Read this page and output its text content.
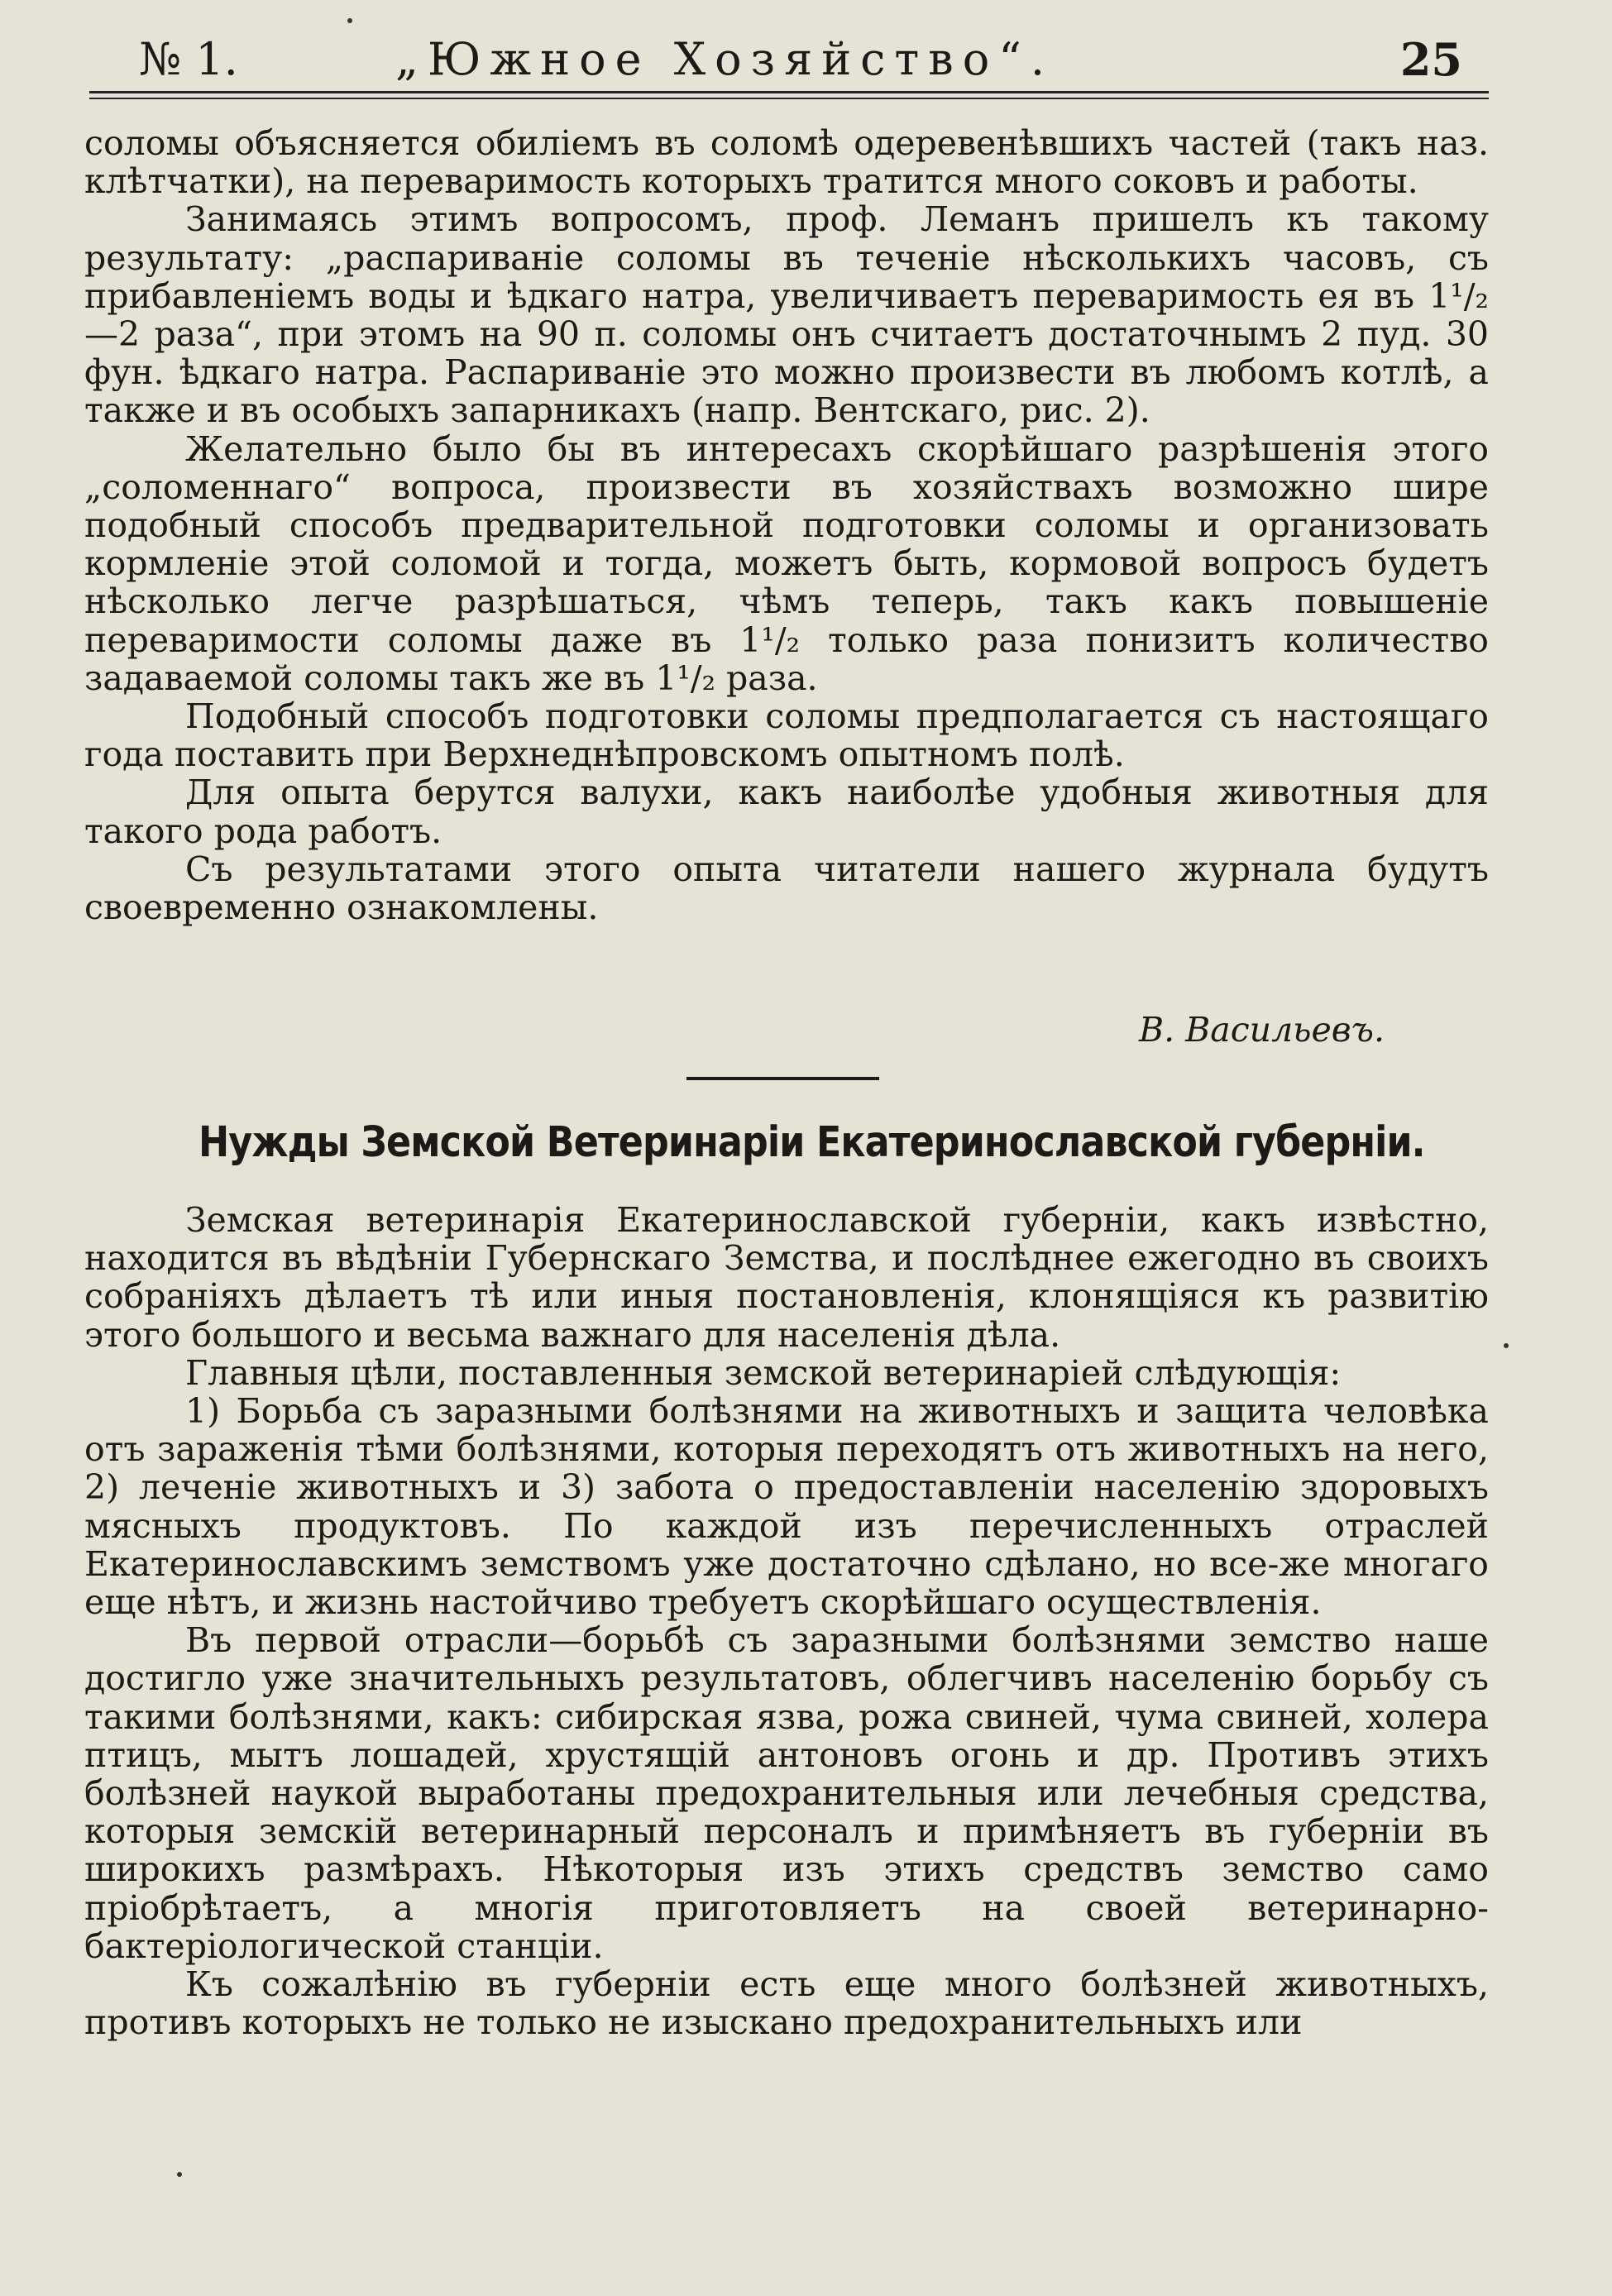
№ 1.	„Южное Хозяйство“.	25

соломы объясняется обиліемъ въ соломѣ одеревенѣвшихъ частей (такъ наз. клѣтчатки), на переваримость которыхъ тратится много соковъ и работы.

Занимаясь этимъ вопросомъ, проф. Леманъ пришелъ къ такому результату: „распариваніе соломы въ теченіе нѣсколькихъ часовъ, съ прибавленіемъ воды и ѣдкаго натра, увеличиваетъ переваримость ея въ 1¹/₂—2 раза“, при этомъ на 90 п. соломы онъ считаетъ достаточнымъ 2 пуд. 30 фун. ѣдкаго натра. Распариваніе это можно произвести въ любомъ котлѣ, а также и въ особыхъ запарникахъ (напр. Вентскаго, рис. 2).

Желательно было бы въ интересахъ скорѣйшаго разрѣшенія этого „соломеннаго“ вопроса, произвести въ хозяйствахъ возможно шире подобный способъ предварительной подготовки соломы и организовать кормленіе этой соломой и тогда, можетъ быть, кормовой вопросъ будетъ нѣсколько легче разрѣшаться, чѣмъ теперь, такъ какъ повышеніе переваримости соломы даже въ 1¹/₂ только раза понизитъ количество задаваемой соломы такъ же въ 1¹/₂ раза.

Подобный способъ подготовки соломы предполагается съ настоящаго года поставить при Верхнеднѣпровскомъ опытномъ полѣ.

Для опыта берутся валухи, какъ наиболѣе удобныя животныя для такого рода работъ.

Съ результатами этого опыта читатели нашего журнала будутъ своевременно ознакомлены.

В. Васильевъ.
Нужды Земской Ветеринаріи Екатеринославской губерніи.

Земская ветеринарія Екатеринославской губерніи, какъ извѣстно, находится въ вѣдѣніи Губернскаго Земства, и послѣднее ежегодно въ своихъ собраніяхъ дѣлаетъ тѣ или иныя постановленія, клонящіяся къ развитію этого большого и весьма важнаго для населенія дѣла.

Главныя цѣли, поставленныя земской ветеринаріей слѣдующія:

1) Борьба съ заразными болѣзнями на животныхъ и защита человѣка отъ зараженія тѣми болѣзнями, которыя переходятъ отъ животныхъ на него, 2) леченіе животныхъ и 3) забота о предоставленіи населенію здоровыхъ мясныхъ продуктовъ. По каждой изъ перечисленныхъ отраслей Екатеринославскимъ земствомъ уже достаточно сдѣлано, но все-же многаго еще нѣтъ, и жизнь настойчиво требуетъ скорѣйшаго осуществленія.

Въ первой отрасли—борьбѣ съ заразными болѣзнями земство наше достигло уже значительныхъ результатовъ, облегчивъ населенію борьбу съ такими болѣзнями, какъ: сибирская язва, рожа свиней, чума свиней, холера птицъ, мытъ лошадей, хрустящій антоновъ огонь и др. Противъ этихъ болѣзней наукой выработаны предохранительныя или лечебныя средства, которыя земскій ветеринарный персоналъ и примѣняетъ въ губерніи въ широкихъ размѣрахъ. Нѣкоторыя изъ этихъ средствъ земство само пріобрѣтаетъ, а многія приготовляетъ на своей ветеринарно-бактеріологической станціи.

Къ сожалѣнію въ губерніи есть еще много болѣзней животныхъ, противъ которыхъ не только не изыскано предохранительныхъ или
